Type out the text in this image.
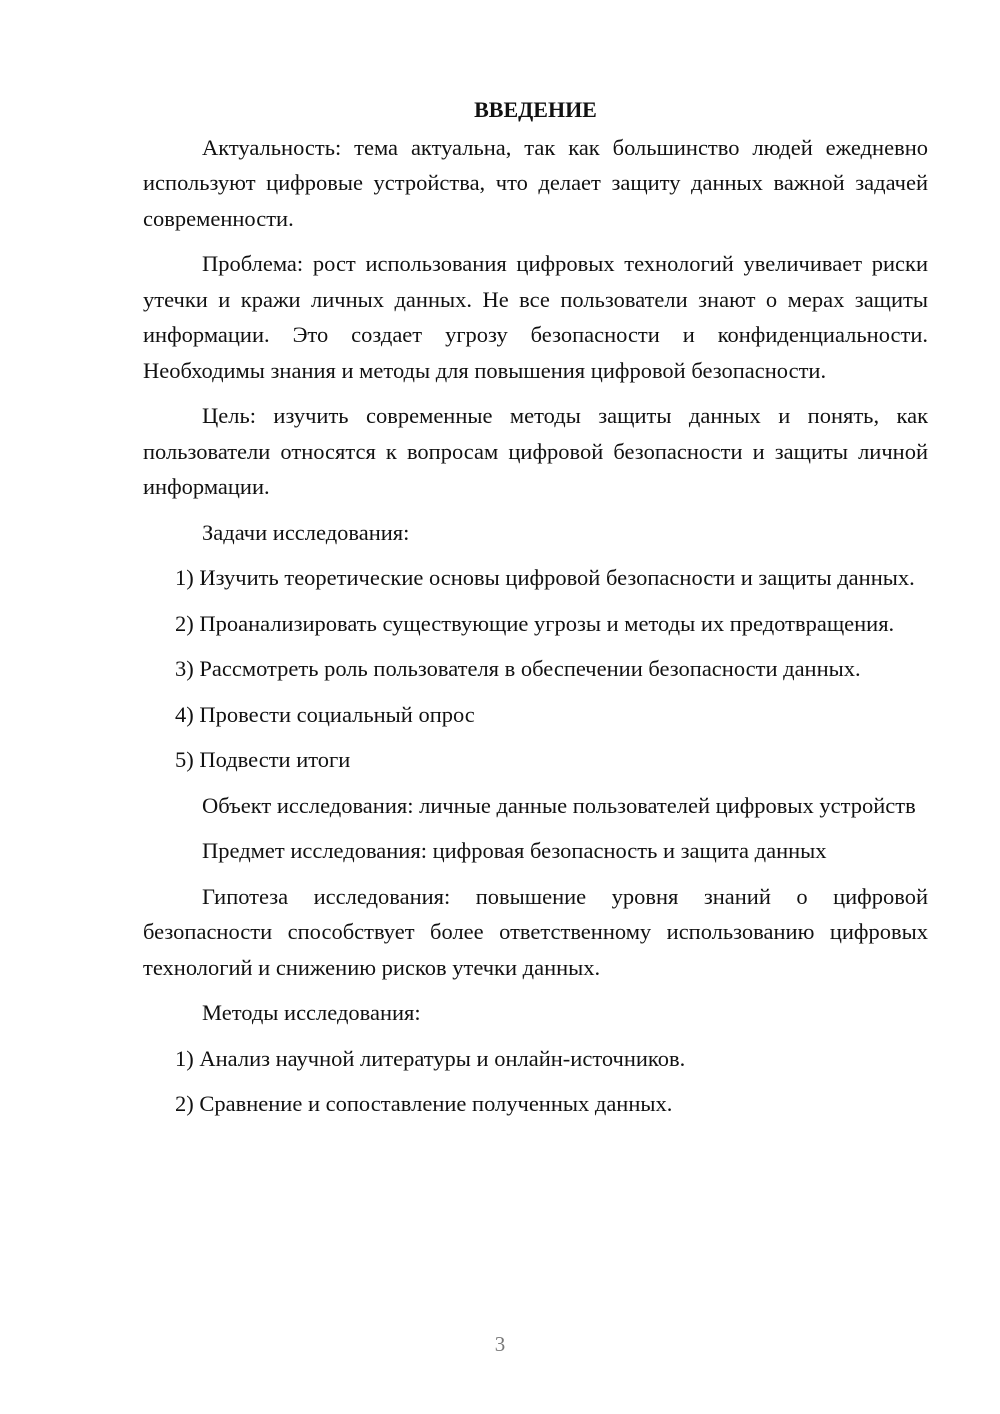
ВВЕДЕНИЕ

Актуальность: тема актуальна, так как большинство людей ежедневно используют цифровые устройства, что делает защиту данных важной задачей современности.

Проблема: рост использования цифровых технологий увеличивает риски утечки и кражи личных данных. Не все пользователи знают о мерах защиты информации. Это создает угрозу безопасности и конфиденциальности. Необходимы знания и методы для повышения цифровой безопасности.

Цель: изучить современные методы защиты данных и понять, как пользователи относятся к вопросам цифровой безопасности и защиты личной информации.

Задачи исследования:

1) Изучить теоретические основы цифровой безопасности и защиты данных.

2) Проанализировать существующие угрозы и методы их предотвращения.

3) Рассмотреть роль пользователя в обеспечении безопасности данных.

4) Провести социальный опрос

5) Подвести итоги

Объект исследования: личные данные пользователей цифровых устройств

Предмет исследования: цифровая безопасность и защита данных

Гипотеза исследования: повышение уровня знаний о цифровой безопасности способствует более ответственному использованию цифровых технологий и снижению рисков утечки данных.

Методы исследования:

1) Анализ научной литературы и онлайн-источников.

2) Сравнение и сопоставление полученных данных.

3
